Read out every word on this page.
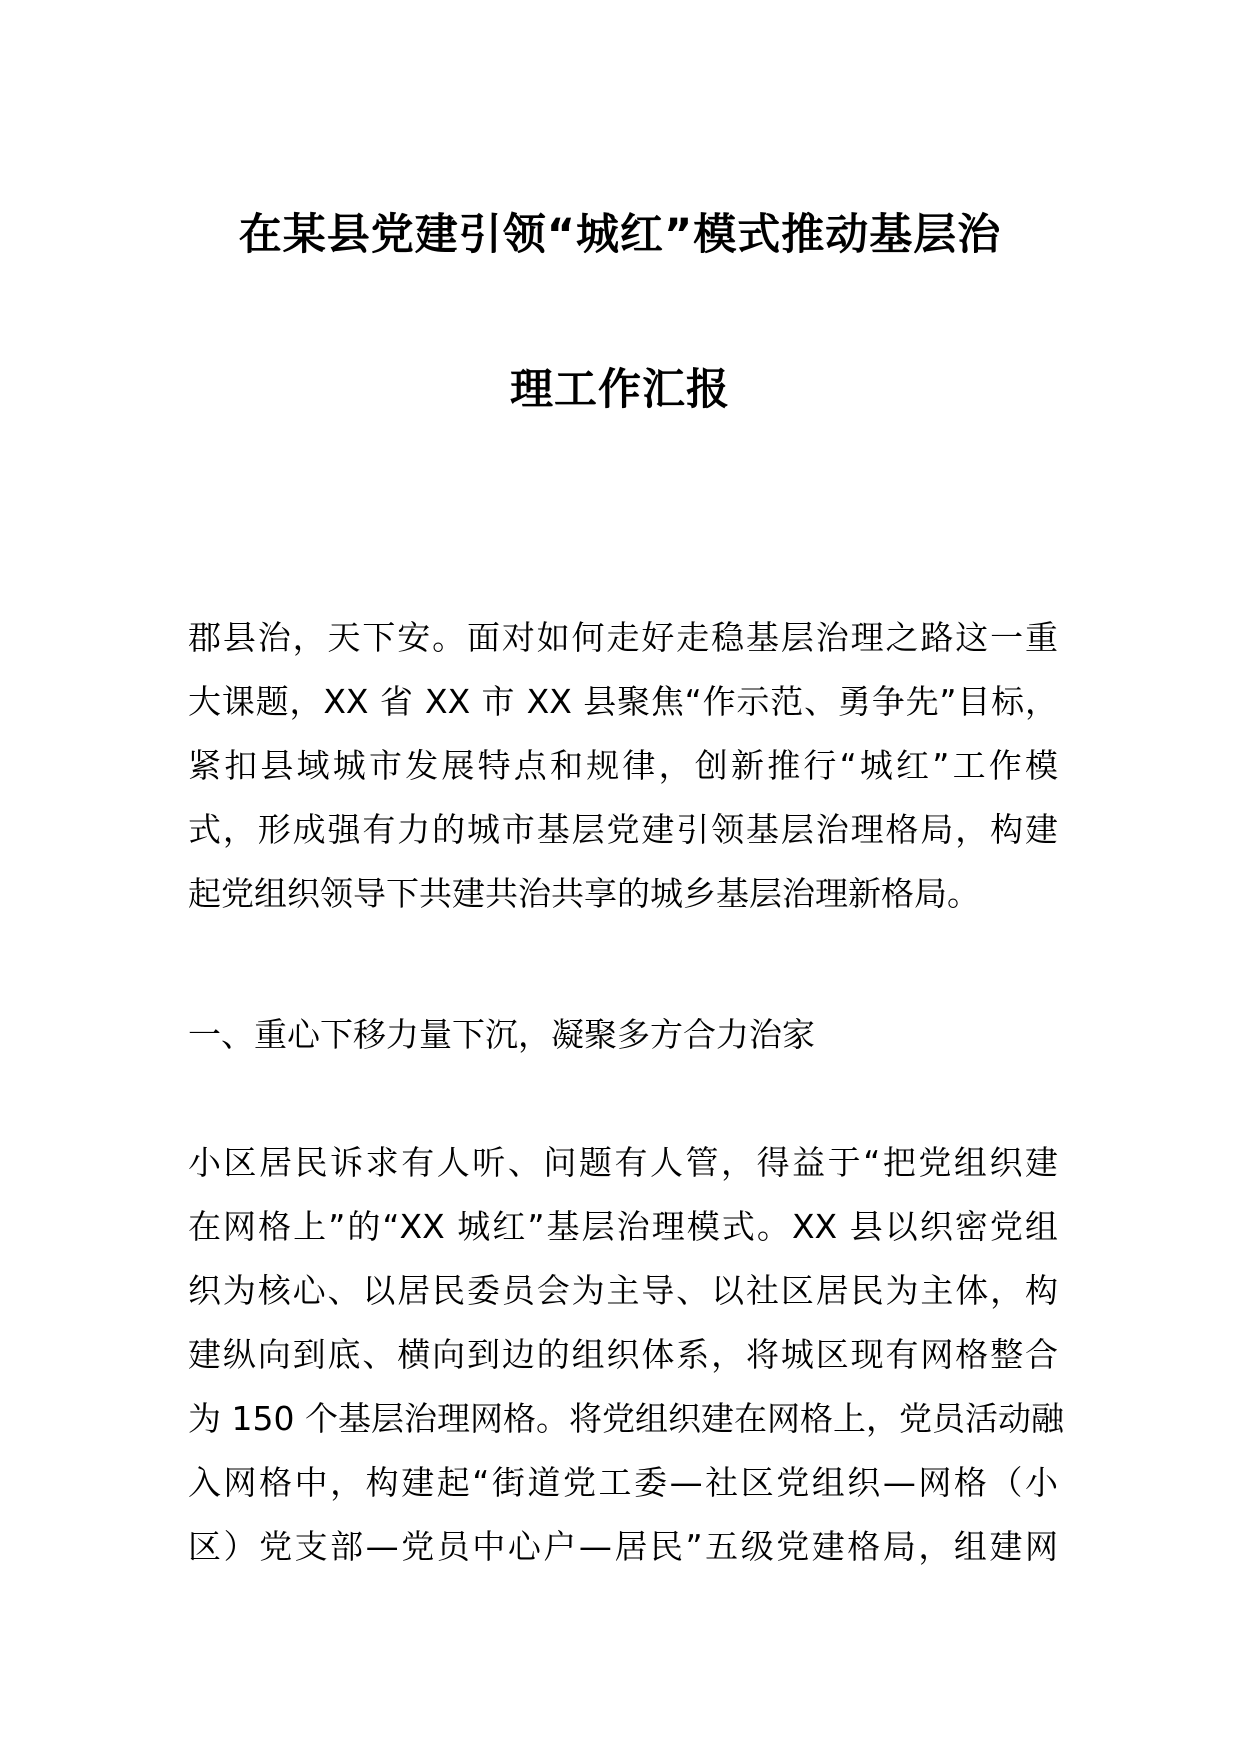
在某县党建引领“城红”模式推动基层治
理工作汇报
郡县治，天下安。面对如何走好走稳基层治理之路这一重
大课题，XX 省 XX 市 XX 县聚焦“作示范、勇争先”目标，
紧扣县域城市发展特点和规律，创新推行“城红”工作模
式，形成强有力的城市基层党建引领基层治理格局，构建
起党组织领导下共建共治共享的城乡基层治理新格局。
一、重心下移力量下沉，凝聚多方合力治家
小区居民诉求有人听、问题有人管，得益于“把党组织建
在网格上”的“XX 城红”基层治理模式。XX 县以织密党组
织为核心、以居民委员会为主导、以社区居民为主体，构
建纵向到底、横向到边的组织体系，将城区现有网格整合
为 150 个基层治理网格。将党组织建在网格上，党员活动融
入网格中，构建起“街道党工委—社区党组织—网格（小
区）党支部—党员中心户—居民”五级党建格局，组建网
